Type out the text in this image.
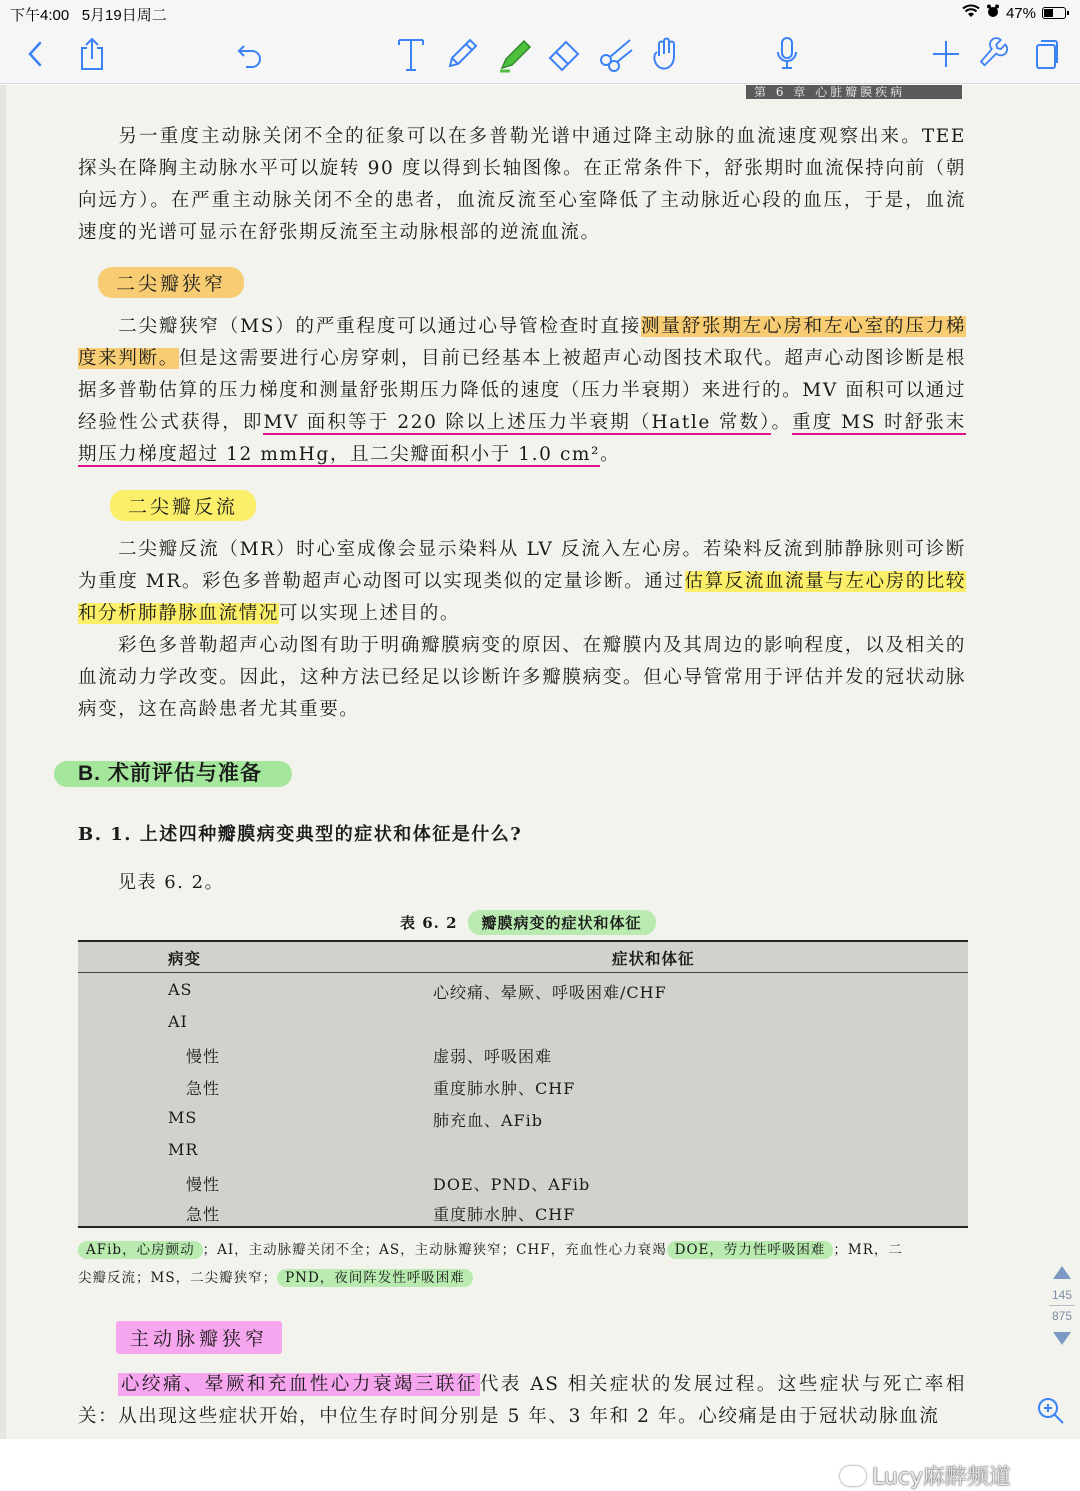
下午4:00 5月19日周二	47%
第 6 章 心脏瓣膜疾病
另一重度主动脉关闭不全的征象可以在多普勒光谱中通过降主动脉的血流速度观察出来。TEE 探头在降胸主动脉水平可以旋转 90 度以得到长轴图像。在正常条件下，舒张期时血流保持向前（朝向远方）。在严重主动脉关闭不全的患者，血流反流至心室降低了主动脉近心段的血压，于是，血流速度的光谱可显示在舒张期反流至主动脉根部的逆流血流。
二尖瓣狭窄
二尖瓣狭窄（MS）的严重程度可以通过心导管检查时直接测量舒张期左心房和左心室的压力梯度来判断。但是这需要进行心房穿刺，目前已经基本上被超声心动图技术取代。超声心动图诊断是根据多普勒估算的压力梯度和测量舒张期压力降低的速度（压力半衰期）来进行的。MV 面积可以通过经验性公式获得，即MV 面积等于 220 除以上述压力半衰期（Hatle 常数）。重度 MS 时舒张末期压力梯度超过 12 mmHg，且二尖瓣面积小于 1.0 cm²。
二尖瓣反流
二尖瓣反流（MR）时心室成像会显示染料从 LV 反流入左心房。若染料反流到肺静脉则可诊断为重度 MR。彩色多普勒超声心动图可以实现类似的定量诊断。通过估算反流血流量与左心房的比较和分析肺静脉血流情况可以实现上述目的。
彩色多普勒超声心动图有助于明确瓣膜病变的原因、在瓣膜内及其周边的影响程度，以及相关的血流动力学改变。因此，这种方法已经足以诊断许多瓣膜病变。但心导管常用于评估并发的冠状动脉病变，这在高龄患者尤其重要。
B. 术前评估与准备
B. 1. 上述四种瓣膜病变典型的症状和体征是什么?
见表 6. 2。
表 6. 2	瓣膜病变的症状和体征
病变	症状和体征
AS	心绞痛、晕厥、呼吸困难/CHF
AI
慢性	虚弱、呼吸困难
急性	重度肺水肿、CHF
MS	肺充血、AFib
MR
慢性	DOE、PND、AFib
急性	重度肺水肿、CHF
AFib，心房颤动 ；AI，主动脉瓣关闭不全；AS，主动脉瓣狭窄；CHF，充血性心力衰竭 DOE，劳力性呼吸困难 ；MR，二
尖瓣反流；MS，二尖瓣狭窄； PND，夜间阵发性呼吸困难
主动脉瓣狭窄
心绞痛、晕厥和充血性心力衰竭三联征 代表 AS 相关症状的发展过程。这些症状与死亡率相关：从出现这些症状开始，中位生存时间分别是 5 年、3 年和 2 年。心绞痛是由于冠状动脉血流
Lucy麻醉频道
145
875
